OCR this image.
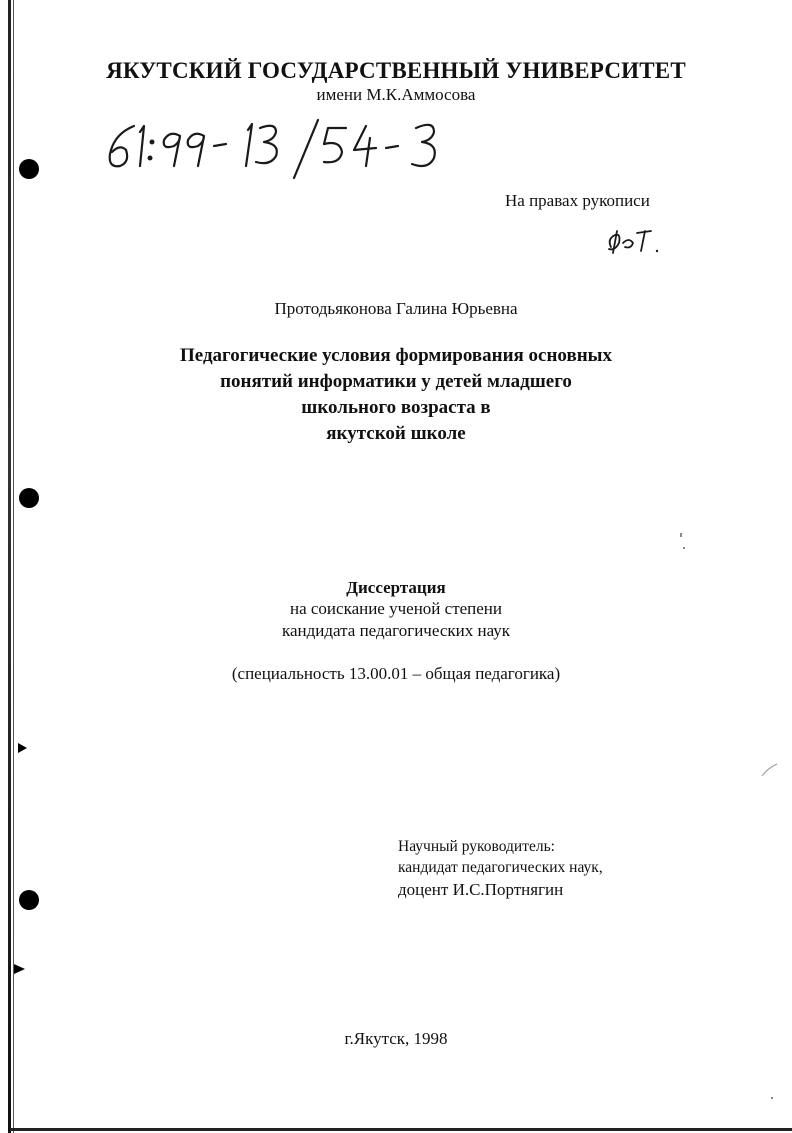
ЯКУТСКИЙ ГОСУДАРСТВЕННЫЙ УНИВЕРСИТЕТ
имени М.К.Аммосова
На правах рукописи
Протодьяконова Галина Юрьевна
Педагогические условия формирования основных
понятий информатики у детей младшего
школьного возраста в
якутской школе
Диссертация
на соискание ученой степени
кандидата педагогических наук
(специальность 13.00.01 – общая педагогика)
Научный руководитель:
кандидат педагогических наук,
доцент И.С.Портнягин
г.Якутск, 1998
